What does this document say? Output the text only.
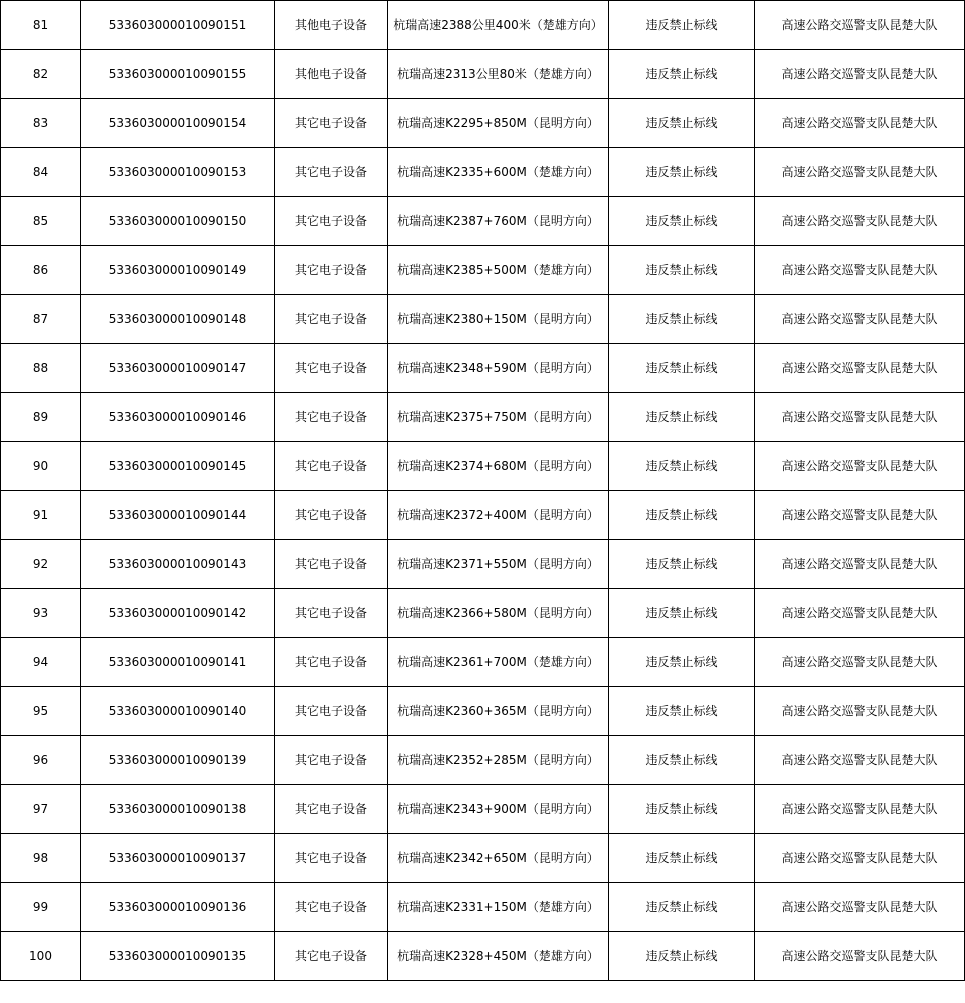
81	533603000010090151	其他电子设备	杭瑞高速2388公里400米（楚雄方向）	违反禁止标线	高速公路交巡警支队昆楚大队
82	533603000010090155	其他电子设备	杭瑞高速2313公里80米（楚雄方向）	违反禁止标线	高速公路交巡警支队昆楚大队
83	533603000010090154	其它电子设备	杭瑞高速K2295+850M（昆明方向）	违反禁止标线	高速公路交巡警支队昆楚大队
84	533603000010090153	其它电子设备	杭瑞高速K2335+600M（楚雄方向）	违反禁止标线	高速公路交巡警支队昆楚大队
85	533603000010090150	其它电子设备	杭瑞高速K2387+760M（昆明方向）	违反禁止标线	高速公路交巡警支队昆楚大队
86	533603000010090149	其它电子设备	杭瑞高速K2385+500M（楚雄方向）	违反禁止标线	高速公路交巡警支队昆楚大队
87	533603000010090148	其它电子设备	杭瑞高速K2380+150M（昆明方向）	违反禁止标线	高速公路交巡警支队昆楚大队
88	533603000010090147	其它电子设备	杭瑞高速K2348+590M（昆明方向）	违反禁止标线	高速公路交巡警支队昆楚大队
89	533603000010090146	其它电子设备	杭瑞高速K2375+750M（昆明方向）	违反禁止标线	高速公路交巡警支队昆楚大队
90	533603000010090145	其它电子设备	杭瑞高速K2374+680M（昆明方向）	违反禁止标线	高速公路交巡警支队昆楚大队
91	533603000010090144	其它电子设备	杭瑞高速K2372+400M（昆明方向）	违反禁止标线	高速公路交巡警支队昆楚大队
92	533603000010090143	其它电子设备	杭瑞高速K2371+550M（昆明方向）	违反禁止标线	高速公路交巡警支队昆楚大队
93	533603000010090142	其它电子设备	杭瑞高速K2366+580M（昆明方向）	违反禁止标线	高速公路交巡警支队昆楚大队
94	533603000010090141	其它电子设备	杭瑞高速K2361+700M（楚雄方向）	违反禁止标线	高速公路交巡警支队昆楚大队
95	533603000010090140	其它电子设备	杭瑞高速K2360+365M（昆明方向）	违反禁止标线	高速公路交巡警支队昆楚大队
96	533603000010090139	其它电子设备	杭瑞高速K2352+285M（昆明方向）	违反禁止标线	高速公路交巡警支队昆楚大队
97	533603000010090138	其它电子设备	杭瑞高速K2343+900M（昆明方向）	违反禁止标线	高速公路交巡警支队昆楚大队
98	533603000010090137	其它电子设备	杭瑞高速K2342+650M（昆明方向）	违反禁止标线	高速公路交巡警支队昆楚大队
99	533603000010090136	其它电子设备	杭瑞高速K2331+150M（楚雄方向）	违反禁止标线	高速公路交巡警支队昆楚大队
100	533603000010090135	其它电子设备	杭瑞高速K2328+450M（楚雄方向）	违反禁止标线	高速公路交巡警支队昆楚大队
